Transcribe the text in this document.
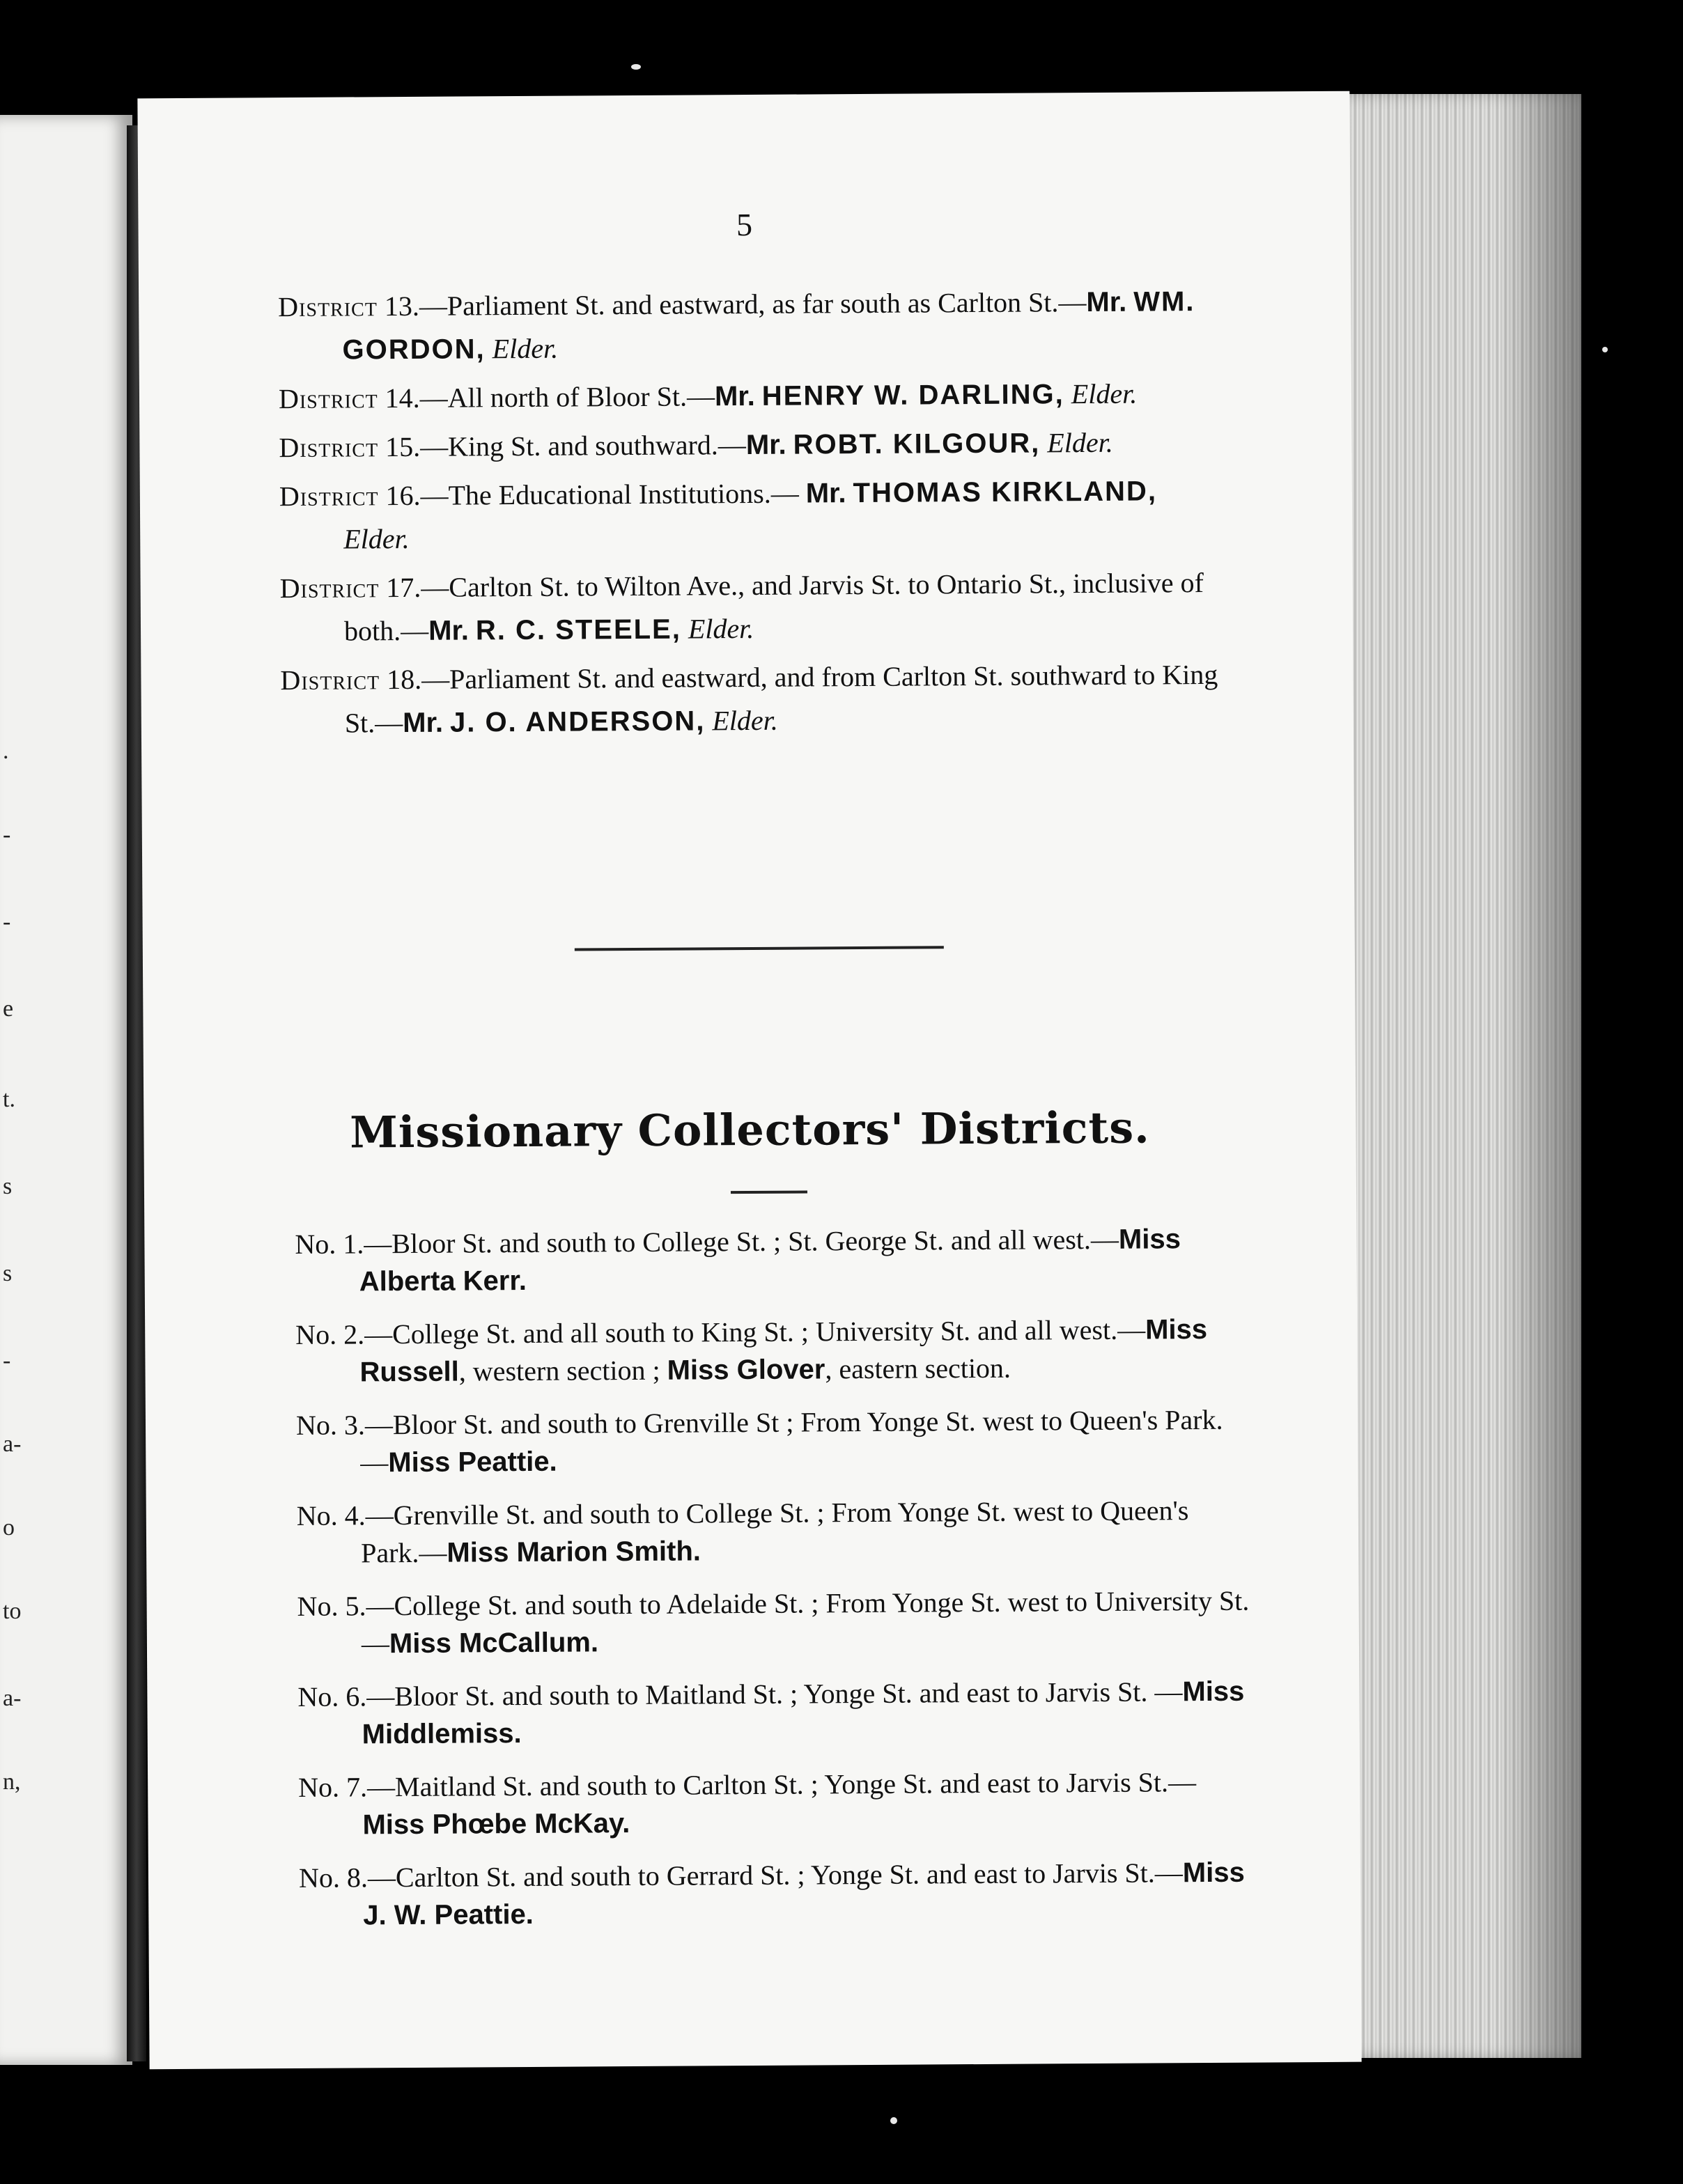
.
-
-
e
t.
s
s
-
a-
o
to
a-
n,
5
District 13.—Parliament St. and eastward, as far south as Carlton St.—Mr. WM. GORDON, Elder.
District 14.—All north of Bloor St.—Mr. HENRY W. DARLING, Elder.
District 15.—King St. and southward.—Mr. ROBT. KILGOUR, Elder.
District 16.—The Educational Institutions.— Mr. THOMAS KIRKLAND, Elder.
District 17.—Carlton St. to Wilton Ave., and Jarvis St. to Ontario St., inclusive of both.—Mr. R. C. STEELE, Elder.
District 18.—Parliament St. and eastward, and from Carlton St. southward to King St.—Mr. J. O. ANDERSON, Elder.
Missionary Collectors' Districts.
No. 1.—Bloor St. and south to College St. ; St. George St. and all west.—Miss Alberta Kerr.
No. 2.—College St. and all south to King St. ; University St. and all west.—Miss Russell, western section ; Miss Glover, eastern section.
No. 3.—Bloor St. and south to Grenville St ; From Yonge St. west to Queen's Park.—Miss Peattie.
No. 4.—Grenville St. and south to College St. ; From Yonge St. west to Queen's Park.—Miss Marion Smith.
No. 5.—College St. and south to Adelaide St. ; From Yonge St. west to University St.—Miss McCallum.
No. 6.—Bloor St. and south to Maitland St. ; Yonge St. and east to Jarvis St. —Miss Middlemiss.
No. 7.—Maitland St. and south to Carlton St. ; Yonge St. and east to Jarvis St.—Miss Phœbe McKay.
No. 8.—Carlton St. and south to Gerrard St. ; Yonge St. and east to Jarvis St.—Miss J. W. Peattie.
